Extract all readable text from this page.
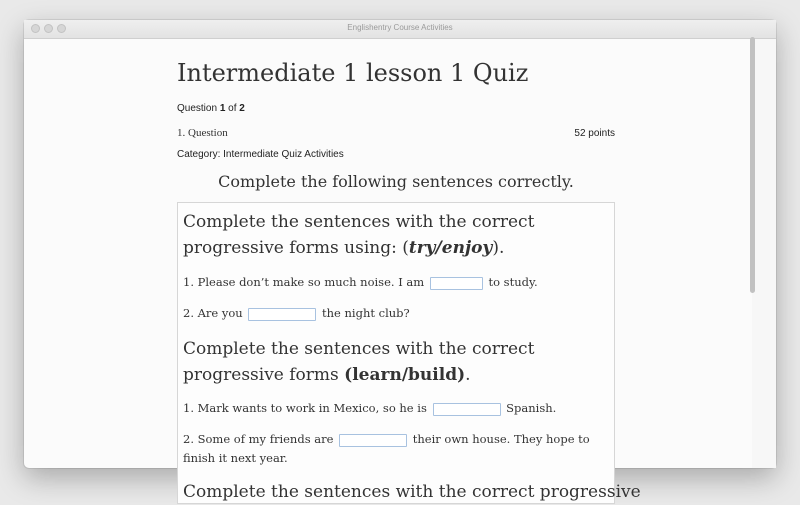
Englishentry Course Activities
Intermediate 1 lesson 1 Quiz
Question 1 of 2
1. Question	52 points
Category: Intermediate Quiz Activities
Complete the following sentences correctly.
Complete the sentences with the correct progressive forms using: (try/enjoy).
1. Please don’t make so much noise. I am	to study.
2. Are you	the night club?
Complete the sentences with the correct progressive forms (learn/build).
1. Mark wants to work in Mexico, so he is	Spanish.
2. Some of my friends are	their own house. They hope to finish it next year.
Complete the sentences with the correct progressive
